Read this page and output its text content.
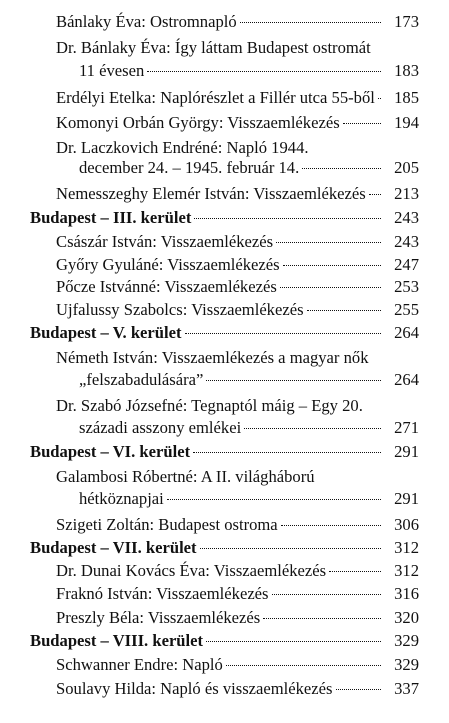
Bánlaky Éva: Ostromnapló	173
Dr. Bánlaky Éva: Így láttam Budapest ostromát
11 évesen	183
Erdélyi Etelka: Naplórészlet a Fillér utca 55-ből	185
Komonyi Orbán György: Visszaemlékezés	194
Dr. Laczkovich Endréné: Napló 1944.
december 24. – 1945. február 14.	205
Nemesszeghy Elemér István: Visszaemlékezés	213
Budapest – III. kerület	243
Császár István: Visszaemlékezés	243
Győry Gyuláné: Visszaemlékezés	247
Pőcze Istvánné: Visszaemlékezés	253
Ujfalussy Szabolcs: Visszaemlékezés	255
Budapest – V. kerület	264
Németh István: Visszaemlékezés a magyar nők
„felszabadulására”	264
Dr. Szabó Józsefné: Tegnaptól máig – Egy 20.
századi asszony emlékei	271
Budapest – VI. kerület	291
Galambosi Róbertné: A II. világháború
hétköznapjai	291
Szigeti Zoltán: Budapest ostroma	306
Budapest – VII. kerület	312
Dr. Dunai Kovács Éva: Visszaemlékezés	312
Fraknó István: Visszaemlékezés	316
Preszly Béla: Visszaemlékezés	320
Budapest – VIII. kerület	329
Schwanner Endre: Napló	329
Soulavy Hilda: Napló és visszaemlékezés	337
